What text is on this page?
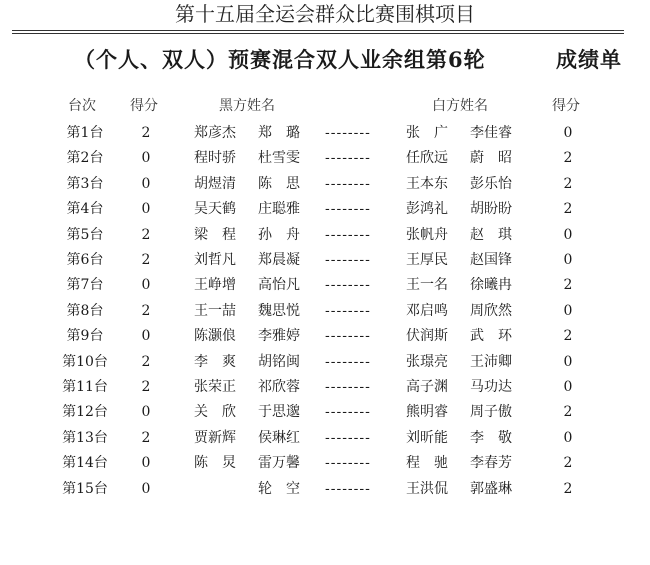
第十五届全运会群众比赛围棋项目
（个人、双人）预赛混合双人业余组第6轮	成绩单
台次 得分	黑方姓名	白方姓名	得分
第1台	2	郑彦杰 郑　璐 --------	张　广 李佳睿	0
第2台	0	程时骄 杜雪雯 --------	任欣远 蔚　昭	2
第3台	0	胡煜清 陈　思 --------	王本东 彭乐怡	2
第4台	0	吴天鹤 庄聪雅 --------	彭鸿礼 胡盼盼	2
第5台	2	梁　程 孙　舟 --------	张帆舟 赵　琪	0
第6台	2	刘哲凡 郑晨凝 --------	王厚民 赵国锋	0
第7台	0	王峥增 高怡凡 --------	王一名 徐曦冉	2
第8台	2	王一喆 魏思悦 --------	邓启鸣 周欣然	0
第9台	0	陈灏俍 李雅婷 --------	伏润斯 武　环	2
第10台	2	李　爽 胡铭闽 --------	张璟亮 王沛卿	0
第11台	2	张荣正 祁欣蓉 --------	高子渊 马功达	0
第12台	0	关　欣 于思邈 --------	熊明睿 周子傲	2
第13台	2	贾新辉 侯琳红 --------	刘昕能 李　敬	0
第14台	0	陈　炅 雷万馨 --------	程　驰 李春芳	2
第15台	0	轮　空 --------	王洪侃 郭盛琳	2
